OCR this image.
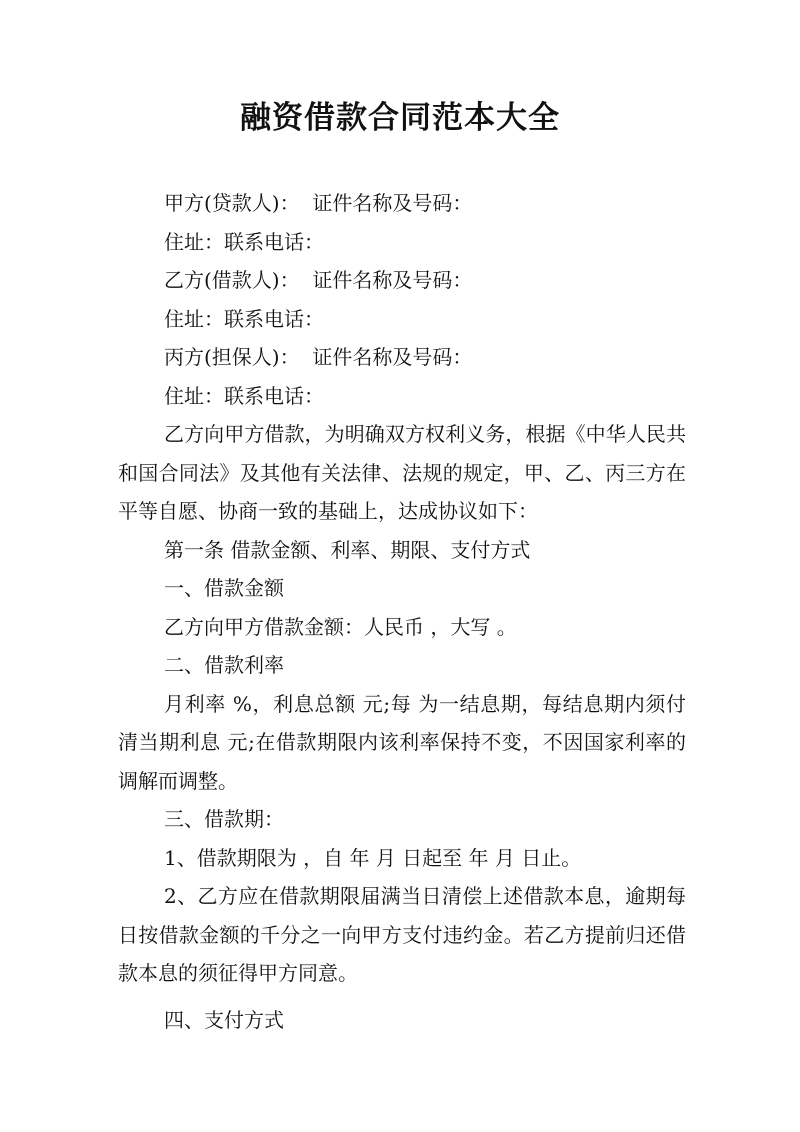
融资借款合同范本大全

甲方(贷款人)：  证件名称及号码：

住址：联系电话：

乙方(借款人)：  证件名称及号码：

住址：联系电话：

丙方(担保人)：  证件名称及号码：

住址：联系电话：

乙方向甲方借款，为明确双方权利义务，根据《中华人民共和国合同法》及其他有关法律、法规的规定，甲、乙、丙三方在平等自愿、协商一致的基础上，达成协议如下：

第一条 借款金额、利率、期限、支付方式

一、借款金额

乙方向甲方借款金额：人民币 ，大写 。

二、借款利率

月利率 %，利息总额 元;每 为一结息期，每结息期内须付清当期利息 元;在借款期限内该利率保持不变，不因国家利率的调解而调整。

三、借款期：

1、借款期限为 ，自 年 月 日起至 年 月 日止。

2、乙方应在借款期限届满当日清偿上述借款本息，逾期每日按借款金额的千分之一向甲方支付违约金。若乙方提前归还借款本息的须征得甲方同意。

四、支付方式
